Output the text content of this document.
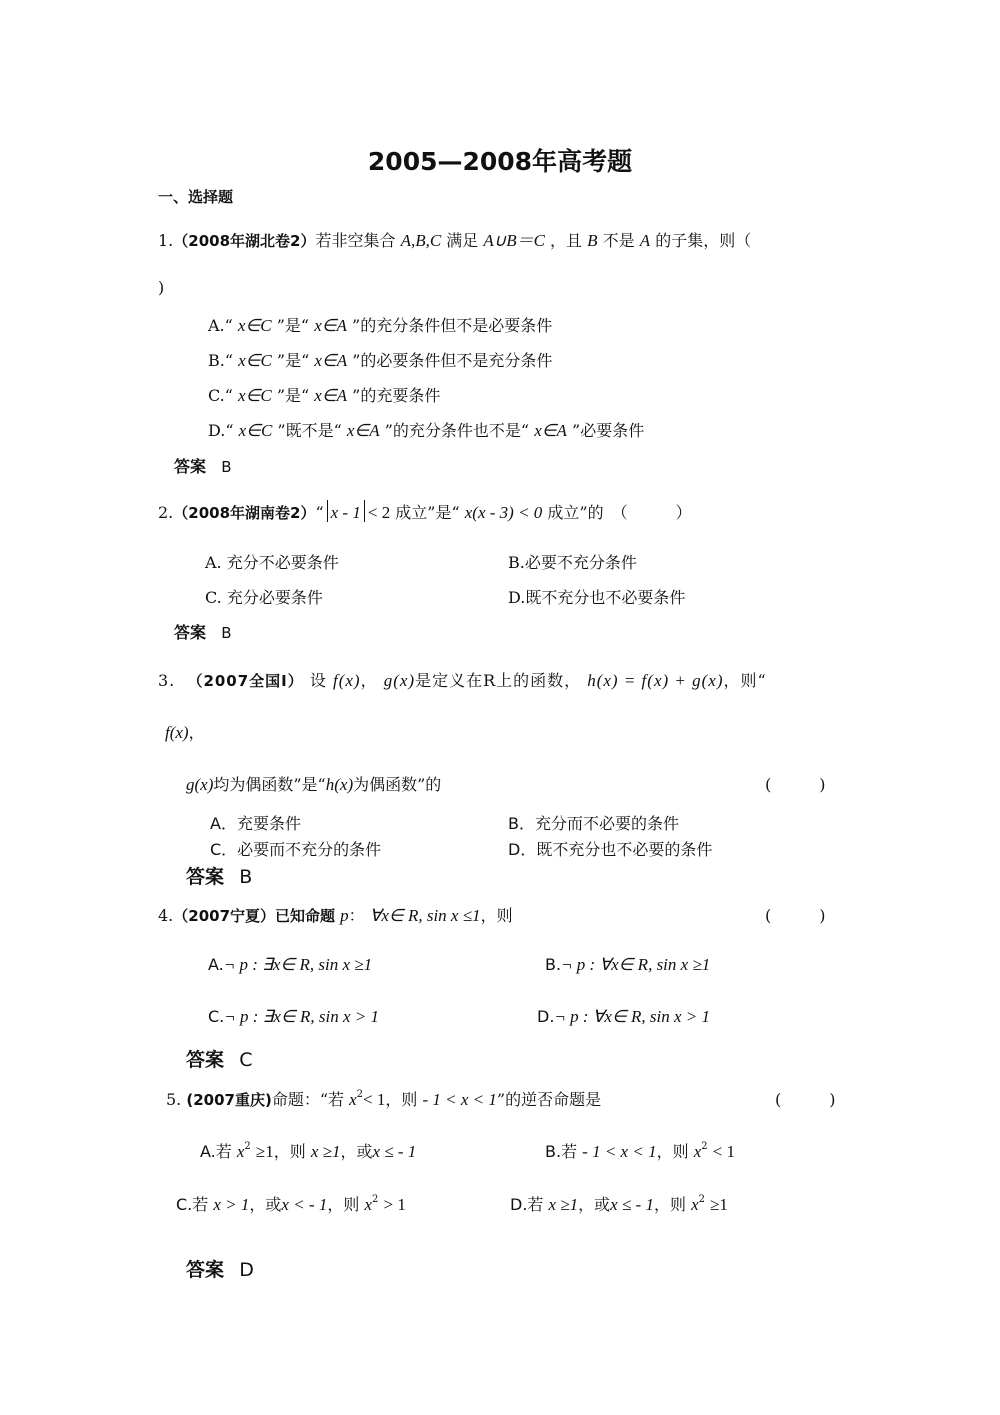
2005—2008年高考题
一、选择题
1.（2008年湖北卷2）若非空集合 A,B,C 满足 A∪B＝C ，且 B 不是 A 的子集，则（
)
A.“ x∈C ”是“ x∈A ”的充分条件但不是必要条件
B.“ x∈C ”是“ x∈A ”的必要条件但不是充分条件
C.“ x∈C ”是“ x∈A ”的充要条件
D.“ x∈C ”既不是“ x∈A ”的充分条件也不是“ x∈A ”必要条件
答案 B
2.（2008年湖南卷2）“ x - 1 < 2 成立”是“ x(x - 3) < 0 成立”的　（　　　）
A. 充分不必要条件	B.必要不充分条件
C. 充分必要条件	D.既不充分也不必要条件
答案 B
3. （2007全国Ⅰ） 设 f(x)， g(x)是定义在R上的函数， h(x) = f(x) + g(x)，则“
f(x)，
g(x)均为偶函数”是“h(x)为偶函数”的	(　　　)
A．充要条件	B．充分而不必要的条件
C．必要而不充分的条件	D．既不充分也不必要的条件
答案 B
4.（2007宁夏）已知命题 p： ∀x∈ R, sin x ≤1，则	(　　　)
A.¬ p : ∃x∈ R, sin x ≥1	B.¬ p : ∀x∈ R, sin x ≥1
C.¬ p : ∃x∈ R, sin x > 1	D.¬ p : ∀x∈ R, sin x > 1
答案 C
5. (2007重庆)命题：“若 $x^2< 1$，则 - 1 < x < 1”的逆否命题是	(　　　)
A.若 $x^2 \ge 1$，则 x ≥1，或x ≤ - 1	B.若 - 1 < x < 1，则 $x^2 < 1$
C.若 x > 1，或x < - 1，则 $x^2 > 1$	D.若 x ≥1，或x ≤ - 1，则 $x^2 \ge 1$
答案 D
